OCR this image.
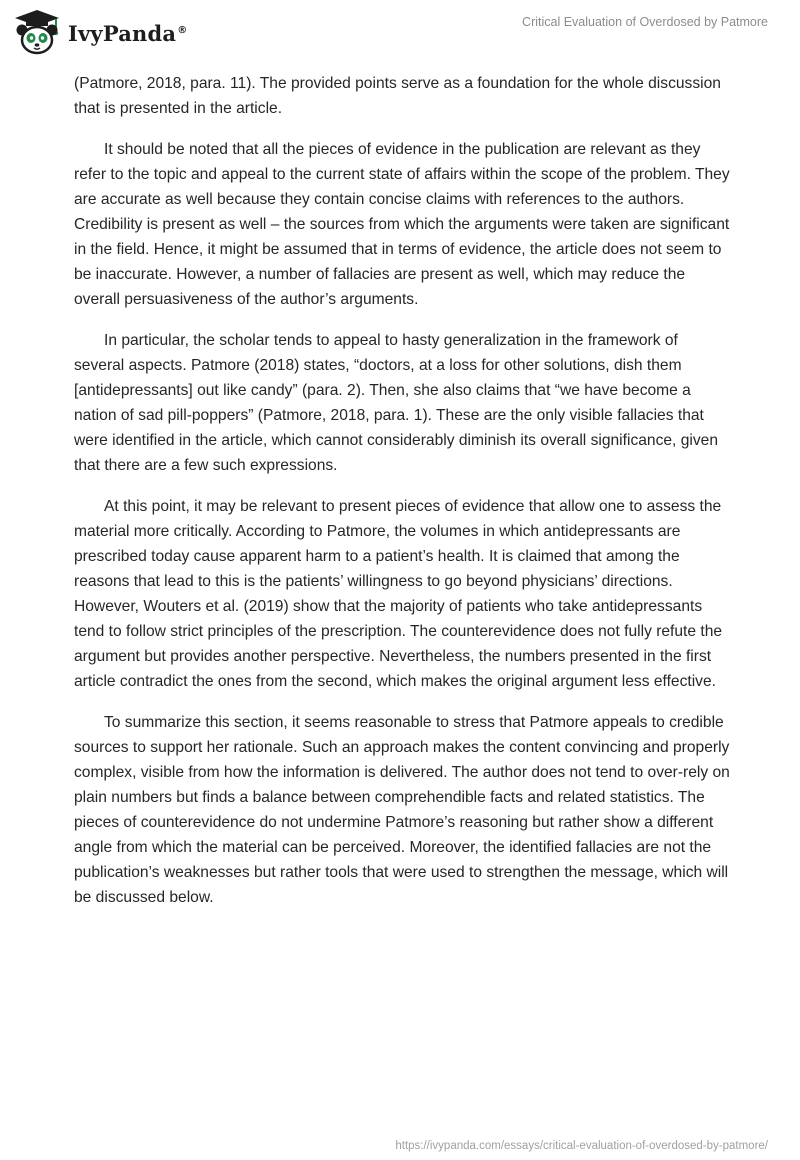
IvyPanda®
Critical Evaluation of Overdosed by Patmore

(Patmore, 2018, para. 11). The provided points serve as a foundation for the whole discussion that is presented in the article.

It should be noted that all the pieces of evidence in the publication are relevant as they refer to the topic and appeal to the current state of affairs within the scope of the problem. They are accurate as well because they contain concise claims with references to the authors. Credibility is present as well – the sources from which the arguments were taken are significant in the field. Hence, it might be assumed that in terms of evidence, the article does not seem to be inaccurate. However, a number of fallacies are present as well, which may reduce the overall persuasiveness of the author’s arguments.

In particular, the scholar tends to appeal to hasty generalization in the framework of several aspects. Patmore (2018) states, “doctors, at a loss for other solutions, dish them [antidepressants] out like candy” (para. 2). Then, she also claims that “we have become a nation of sad pill-poppers” (Patmore, 2018, para. 1). These are the only visible fallacies that were identified in the article, which cannot considerably diminish its overall significance, given that there are a few such expressions.

At this point, it may be relevant to present pieces of evidence that allow one to assess the material more critically. According to Patmore, the volumes in which antidepressants are prescribed today cause apparent harm to a patient’s health. It is claimed that among the reasons that lead to this is the patients’ willingness to go beyond physicians’ directions. However, Wouters et al. (2019) show that the majority of patients who take antidepressants tend to follow strict principles of the prescription. The counterevidence does not fully refute the argument but provides another perspective. Nevertheless, the numbers presented in the first article contradict the ones from the second, which makes the original argument less effective.

To summarize this section, it seems reasonable to stress that Patmore appeals to credible sources to support her rationale. Such an approach makes the content convincing and properly complex, visible from how the information is delivered. The author does not tend to over-rely on plain numbers but finds a balance between comprehendible facts and related statistics. The pieces of counterevidence do not undermine Patmore’s reasoning but rather show a different angle from which the material can be perceived. Moreover, the identified fallacies are not the publication’s weaknesses but rather tools that were used to strengthen the message, which will be discussed below.

https://ivypanda.com/essays/critical-evaluation-of-overdosed-by-patmore/
